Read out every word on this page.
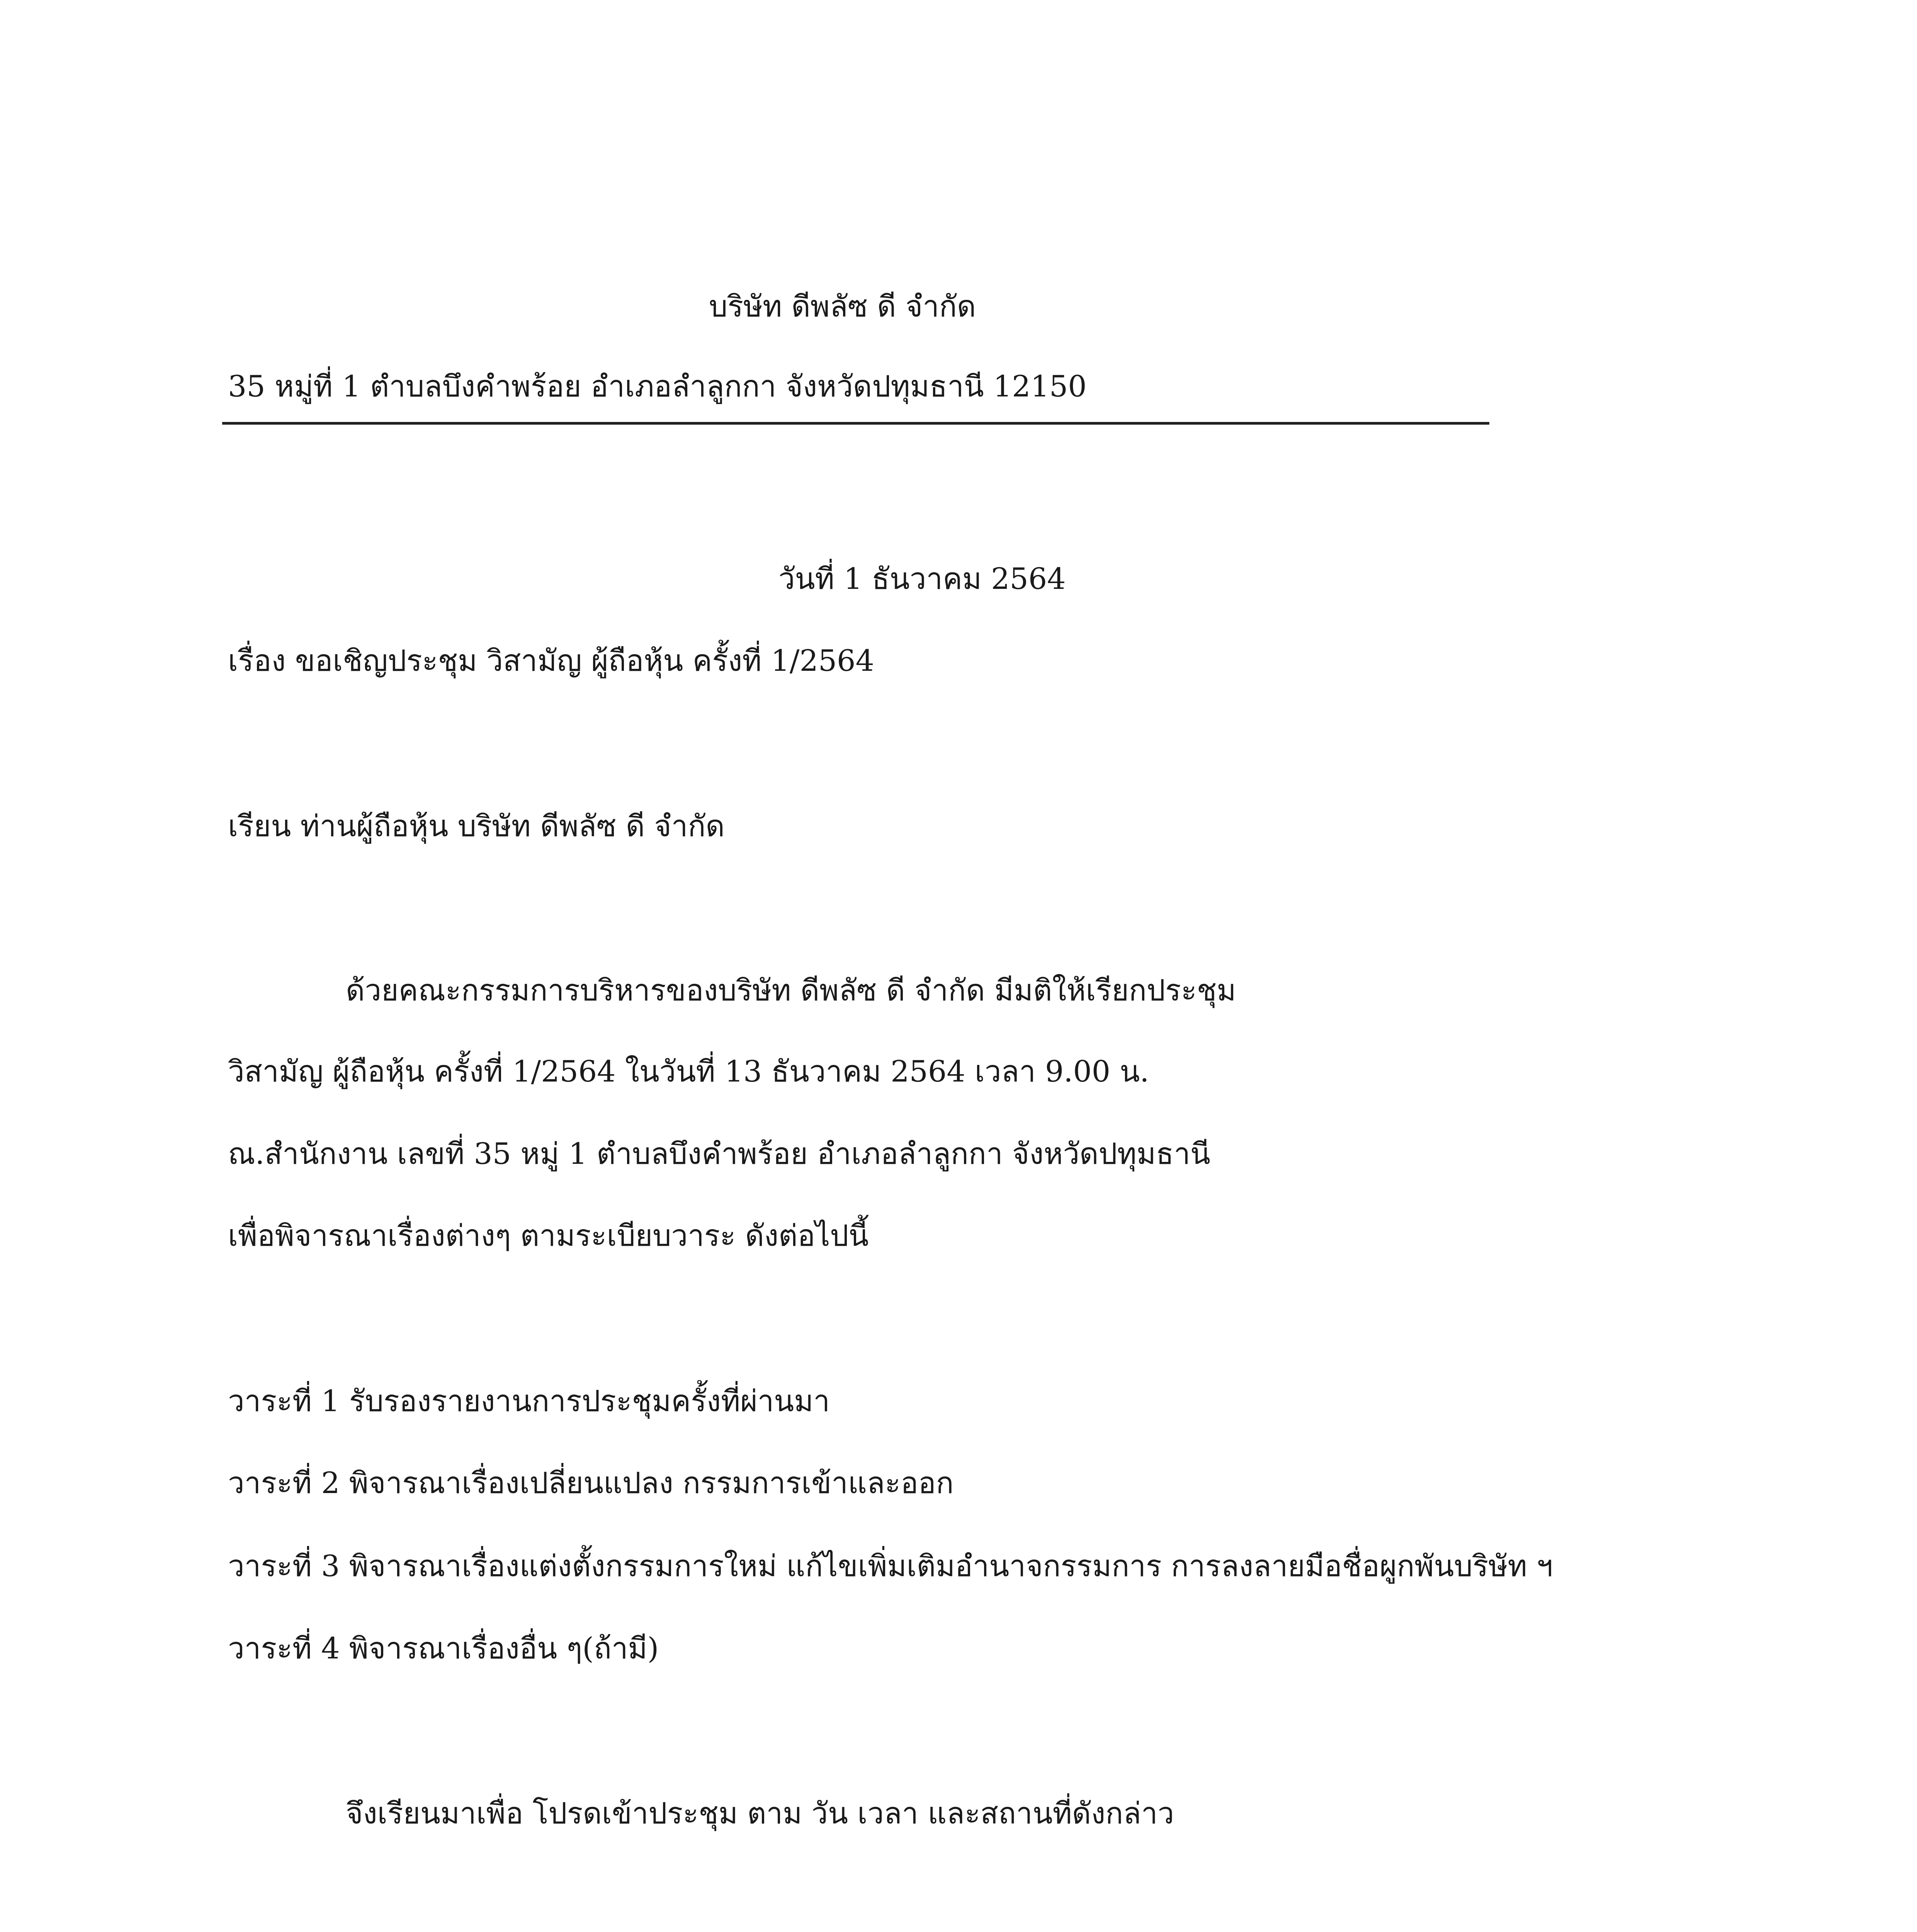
บริษัท ดีพลัซ ดี จำกัด
35 หมู่ที่ 1 ตำบลบึงคำพร้อย อำเภอลำลูกกา จังหวัดปทุมธานี 12150
วันที่ 1 ธันวาคม 2564
เรื่อง ขอเชิญประชุม วิสามัญ ผู้ถือหุ้น ครั้งที่ 1/2564
เรียน ท่านผู้ถือหุ้น บริษัท ดีพลัซ ดี จำกัด
ด้วยคณะกรรมการบริหารของบริษัท ดีพลัซ ดี จำกัด มีมติให้เรียกประชุม
วิสามัญ ผู้ถือหุ้น ครั้งที่ 1/2564 ในวันที่ 13 ธันวาคม 2564 เวลา 9.00 น.
ณ.สำนักงาน เลขที่ 35 หมู่ 1 ตำบลบึงคำพร้อย อำเภอลำลูกกา จังหวัดปทุมธานี
เพื่อพิจารณาเรื่องต่างๆ ตามระเบียบวาระ ดังต่อไปนี้
วาระที่ 1 รับรองรายงานการประชุมครั้งที่ผ่านมา
วาระที่ 2 พิจารณาเรื่องเปลี่ยนแปลง กรรมการเข้าและออก
วาระที่ 3 พิจารณาเรื่องแต่งตั้งกรรมการใหม่ แก้ไขเพิ่มเติมอำนาจกรรมการ การลงลายมือชื่อผูกพันบริษัท ฯ
วาระที่ 4 พิจารณาเรื่องอื่น ๆ(ถ้ามี)
จึงเรียนมาเพื่อ โปรดเข้าประชุม ตาม วัน เวลา และสถานที่ดังกล่าว
